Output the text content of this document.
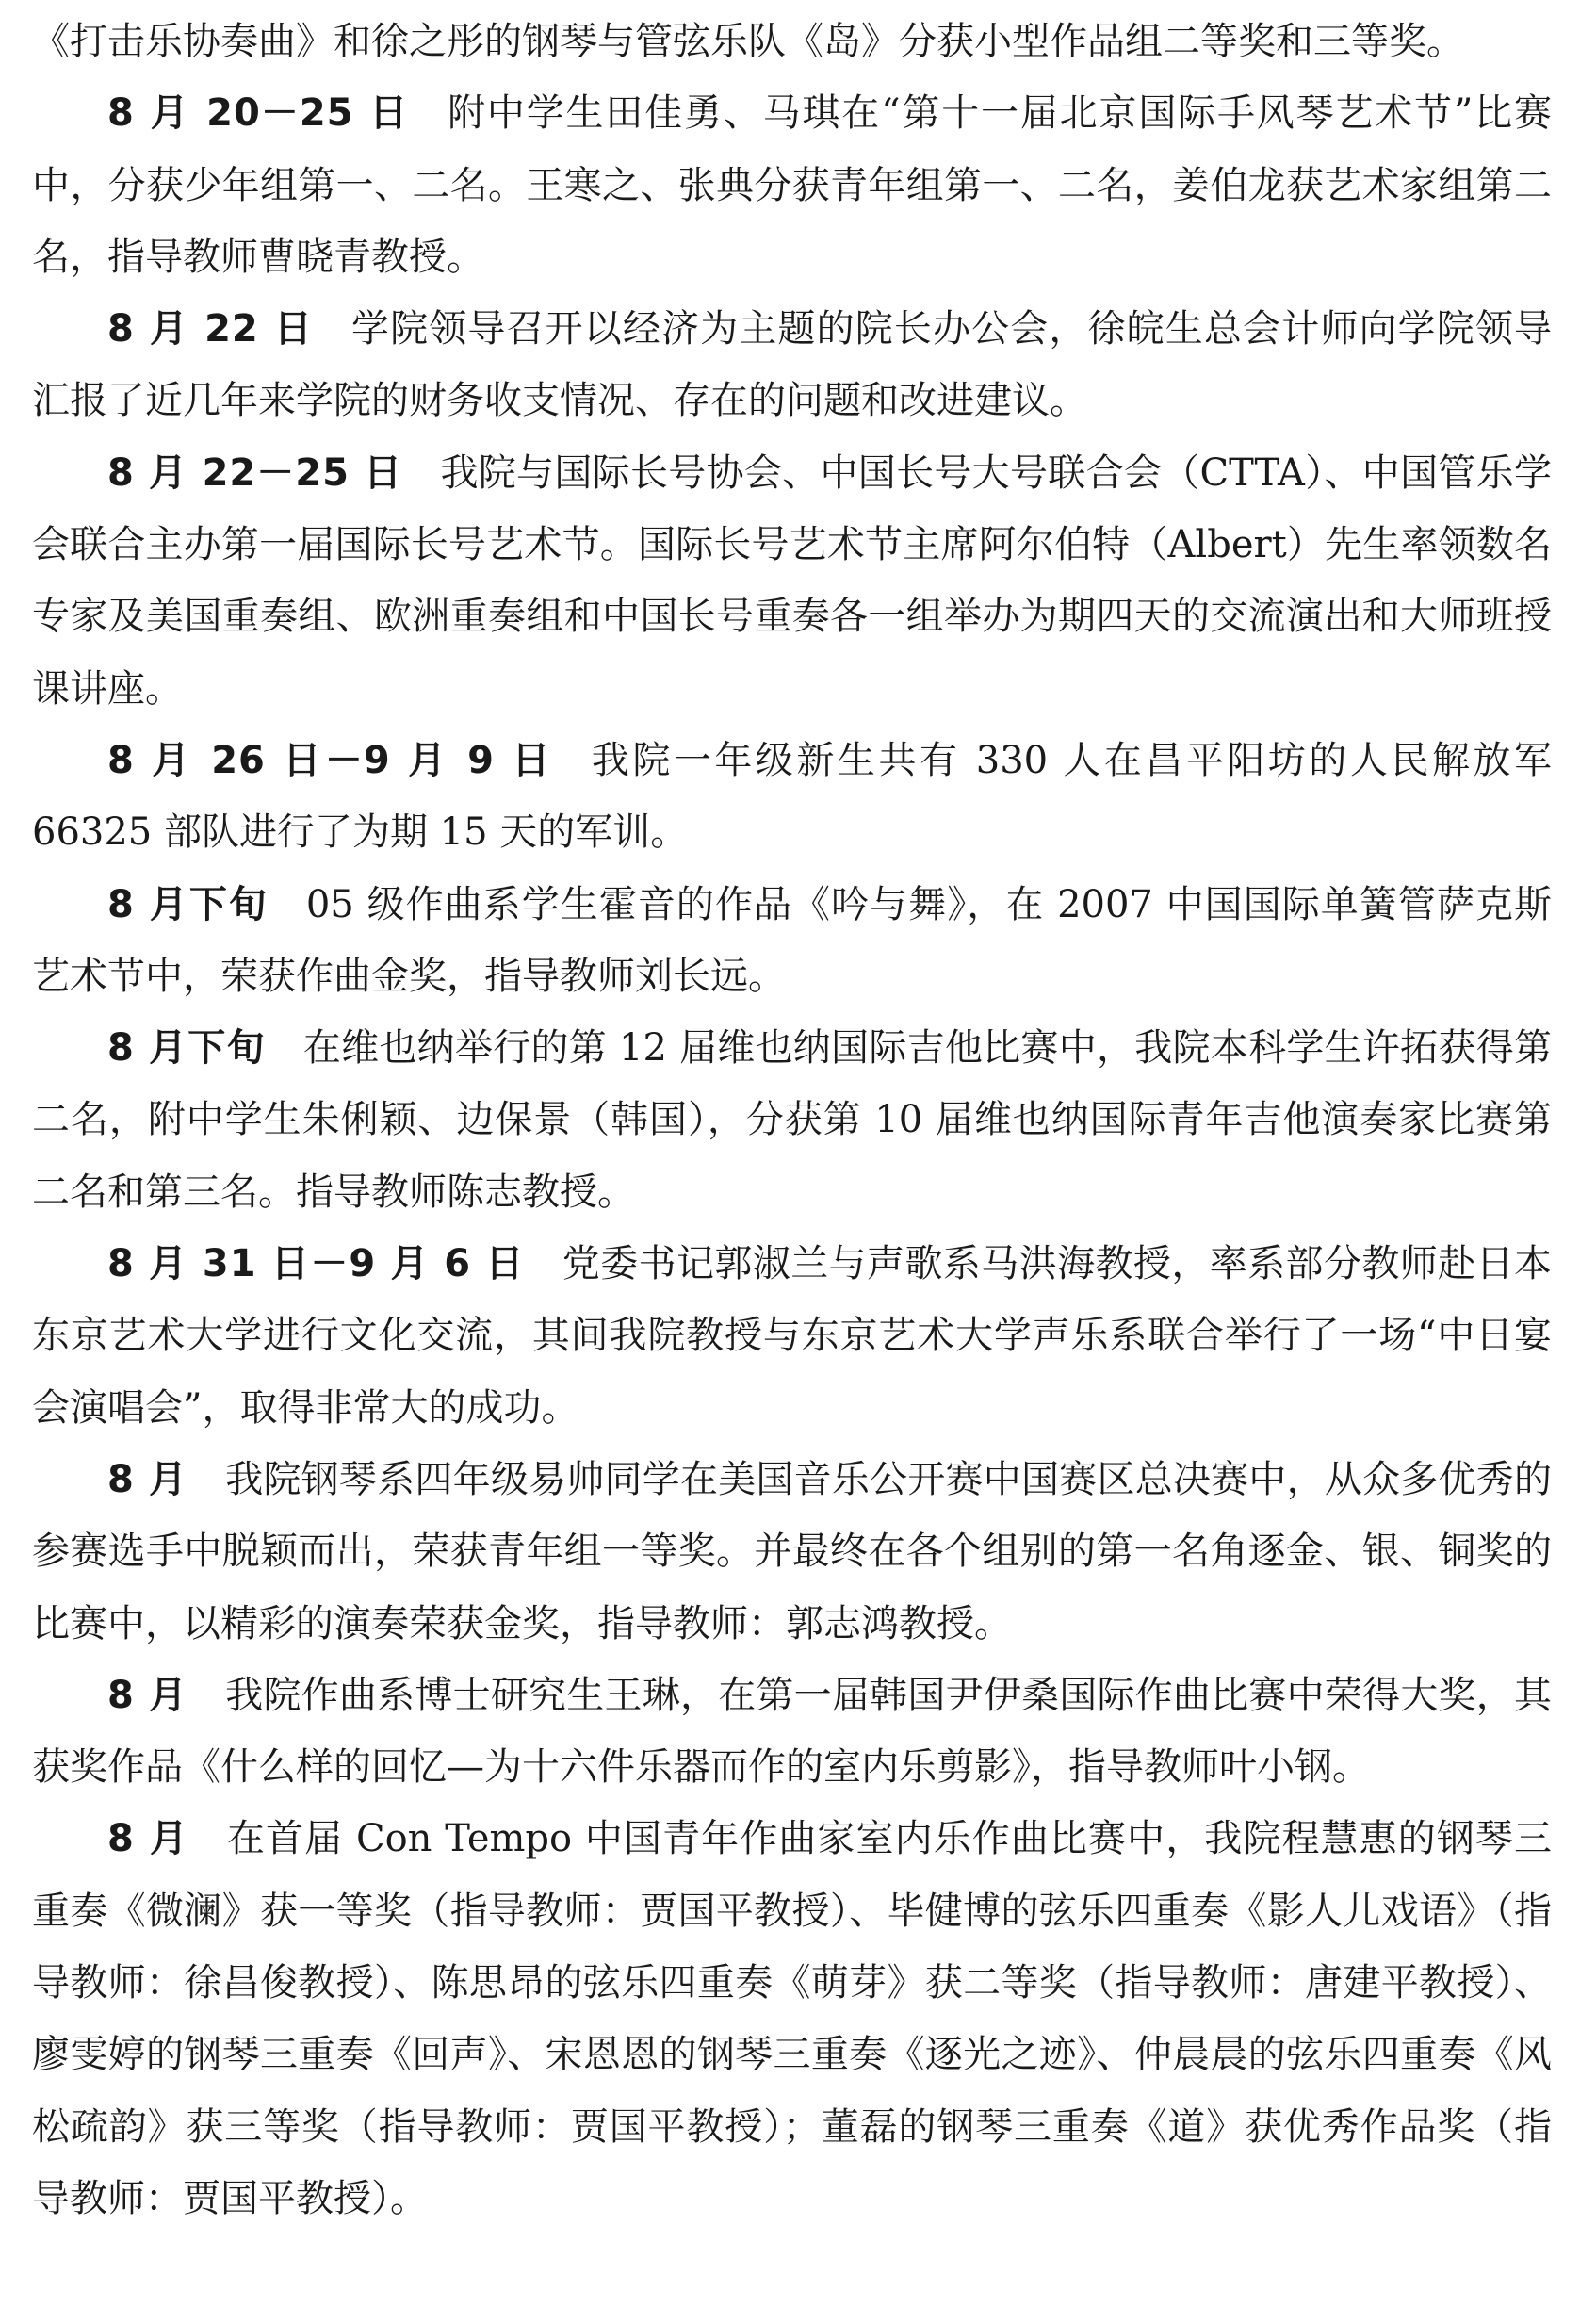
《打击乐协奏曲》和徐之彤的钢琴与管弦乐队《岛》分获小型作品组二等奖和三等奖。

8 月 20－25 日 附中学生田佳勇、马琪在“第十一届北京国际手风琴艺术节”比赛中，分获少年组第一、二名。王寒之、张典分获青年组第一、二名，姜伯龙获艺术家组第二名，指导教师曹晓青教授。

8 月 22 日 学院领导召开以经济为主题的院长办公会，徐皖生总会计师向学院领导汇报了近几年来学院的财务收支情况、存在的问题和改进建议。

8 月 22－25 日 我院与国际长号协会、中国长号大号联合会（CTTA）、中国管乐学会联合主办第一届国际长号艺术节。国际长号艺术节主席阿尔伯特（Albert）先生率领数名专家及美国重奏组、欧洲重奏组和中国长号重奏各一组举办为期四天的交流演出和大师班授课讲座。

8 月 26 日－9 月 9 日 我院一年级新生共有 330 人在昌平阳坊的人民解放军 66325 部队进行了为期 15 天的军训。

8 月下旬 05 级作曲系学生霍音的作品《吟与舞》，在 2007 中国国际单簧管萨克斯艺术节中，荣获作曲金奖，指导教师刘长远。

8 月下旬 在维也纳举行的第 12 届维也纳国际吉他比赛中，我院本科学生许拓获得第二名，附中学生朱俐颖、边保景（韩国），分获第 10 届维也纳国际青年吉他演奏家比赛第二名和第三名。指导教师陈志教授。

8 月 31 日－9 月 6 日 党委书记郭淑兰与声歌系马洪海教授，率系部分教师赴日本东京艺术大学进行文化交流，其间我院教授与东京艺术大学声乐系联合举行了一场“中日宴会演唱会”，取得非常大的成功。

8 月 我院钢琴系四年级易帅同学在美国音乐公开赛中国赛区总决赛中，从众多优秀的参赛选手中脱颖而出，荣获青年组一等奖。并最终在各个组别的第一名角逐金、银、铜奖的比赛中，以精彩的演奏荣获金奖，指导教师：郭志鸿教授。

8 月 我院作曲系博士研究生王琳，在第一届韩国尹伊桑国际作曲比赛中荣得大奖，其获奖作品《什么样的回忆—为十六件乐器而作的室内乐剪影》，指导教师叶小钢。

8 月 在首届 Con Tempo 中国青年作曲家室内乐作曲比赛中，我院程慧惠的钢琴三重奏《微澜》获一等奖（指导教师：贾国平教授）、毕健博的弦乐四重奏《影人儿戏语》（指导教师：徐昌俊教授）、陈思昂的弦乐四重奏《萌芽》获二等奖（指导教师：唐建平教授）、廖雯婷的钢琴三重奏《回声》、宋恩恩的钢琴三重奏《逐光之迹》、仲晨晨的弦乐四重奏《风松疏韵》获三等奖（指导教师：贾国平教授）；董磊的钢琴三重奏《道》获优秀作品奖（指导教师：贾国平教授）。
